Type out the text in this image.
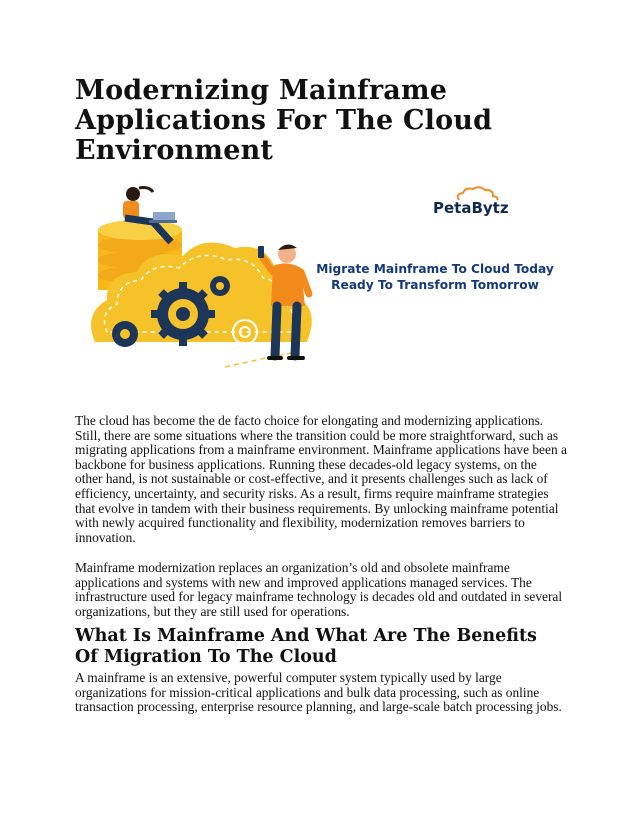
Modernizing Mainframe Applications For The Cloud Environment
PetaBytz
Migrate Mainframe To Cloud Today
Ready To Transform Tomorrow

The cloud has become the de facto choice for elongating and modernizing applications. Still, there are some situations where the transition could be more straightforward, such as migrating applications from a mainframe environment. Mainframe applications have been a backbone for business applications. Running these decades-old legacy systems, on the other hand, is not sustainable or cost-effective, and it presents challenges such as lack of efficiency, uncertainty, and security risks. As a result, firms require mainframe strategies that evolve in tandem with their business requirements. By unlocking mainframe potential with newly acquired functionality and flexibility, modernization removes barriers to innovation.

Mainframe modernization replaces an organization’s old and obsolete mainframe applications and systems with new and improved applications managed services. The infrastructure used for legacy mainframe technology is decades old and outdated in several organizations, but they are still used for operations.

What Is Mainframe And What Are The Benefits Of Migration To The Cloud

A mainframe is an extensive, powerful computer system typically used by large organizations for mission-critical applications and bulk data processing, such as online transaction processing, enterprise resource planning, and large-scale batch processing jobs.
